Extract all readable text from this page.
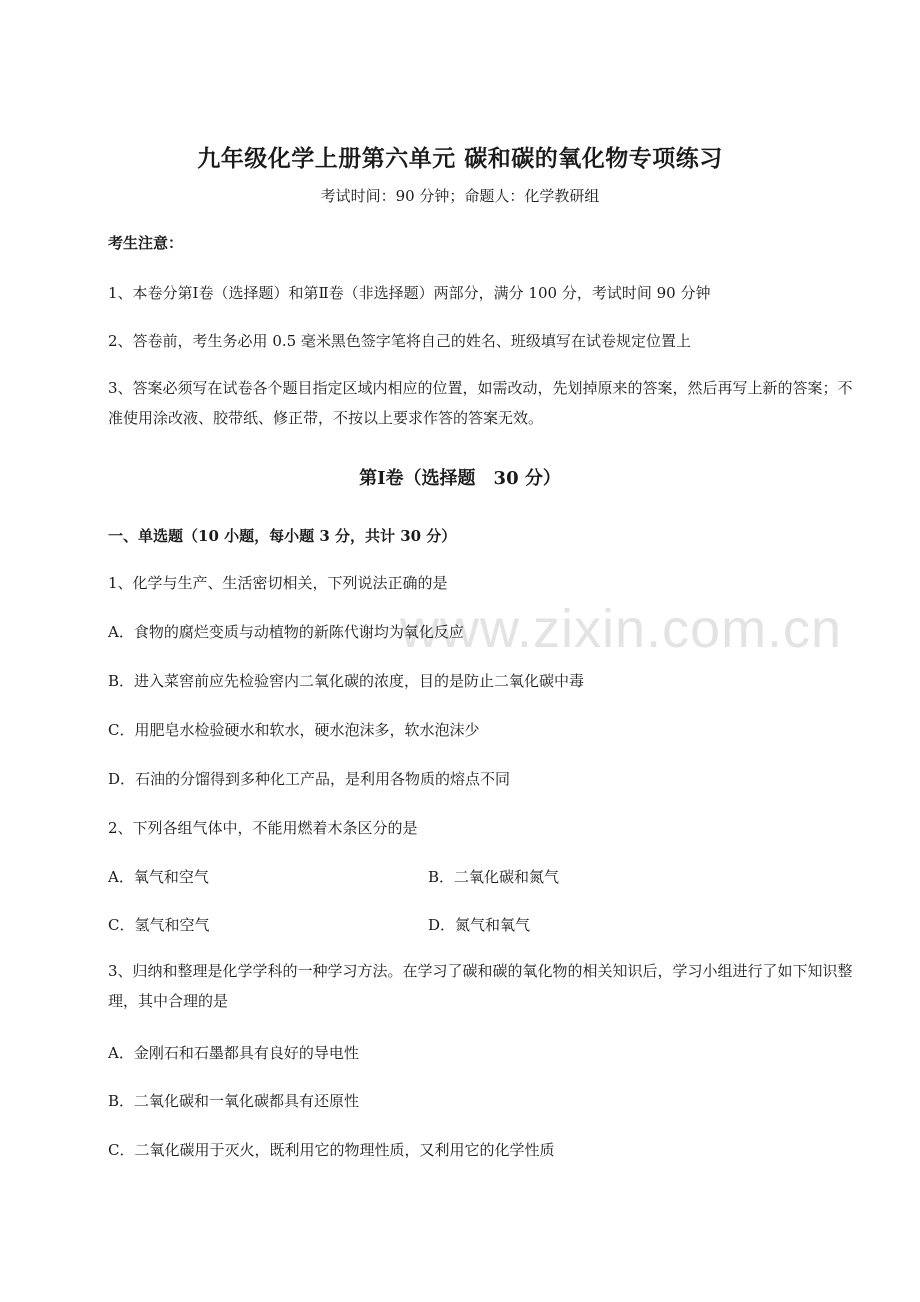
www.zixin.com.cn
九年级化学上册第六单元 碳和碳的氧化物专项练习
考试时间：90 分钟；命题人：化学教研组
考生注意：
1、本卷分第Ⅰ卷（选择题）和第Ⅱ卷（非选择题）两部分，满分 100 分，考试时间 90 分钟
2、答卷前，考生务必用 0.5 毫米黑色签字笔将自己的姓名、班级填写在试卷规定位置上
3、答案必须写在试卷各个题目指定区域内相应的位置，如需改动，先划掉原来的答案，然后再写上新的答案；不准使用涂改液、胶带纸、修正带，不按以上要求作答的答案无效。
第Ⅰ卷（选择题　30 分）
一、单选题（10 小题，每小题 3 分，共计 30 分）
1、化学与生产、生活密切相关，下列说法正确的是
A．食物的腐烂变质与动植物的新陈代谢均为氧化反应
B．进入菜窖前应先检验窖内二氧化碳的浓度，目的是防止二氧化碳中毒
C．用肥皂水检验硬水和软水，硬水泡沫多，软水泡沫少
D．石油的分馏得到多种化工产品，是利用各物质的熔点不同
2、下列各组气体中，不能用燃着木条区分的是
A．氧气和空气	B．二氧化碳和氮气
C．氢气和空气	D．氮气和氧气
3、归纳和整理是化学学科的一种学习方法。在学习了碳和碳的氧化物的相关知识后，学习小组进行了如下知识整理，其中合理的是
A．金刚石和石墨都具有良好的导电性
B．二氧化碳和一氧化碳都具有还原性
C．二氧化碳用于灭火，既利用它的物理性质，又利用它的化学性质
